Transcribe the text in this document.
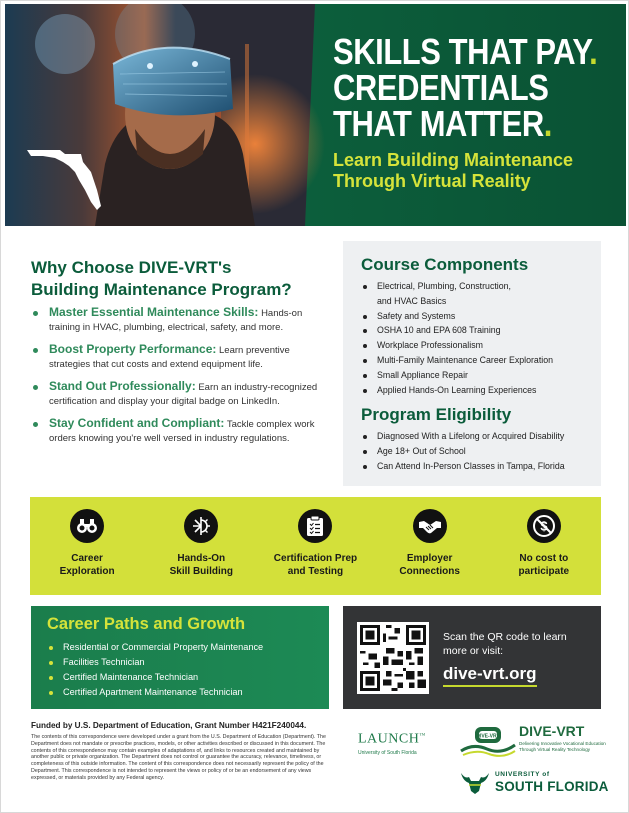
SKILLS THAT PAY.
CREDENTIALS
THAT MATTER.
Learn Building Maintenance
Through Virtual Reality
Why Choose DIVE-VRT's
Building Maintenance Program?
Master Essential Maintenance Skills: Hands-on training in HVAC, plumbing, electrical, safety, and more.
Boost Property Performance: Learn preventive strategies that cut costs and extend equipment life.
Stand Out Professionally: Earn an industry-recognized certification and display your digital badge on LinkedIn.
Stay Confident and Compliant: Tackle complex work orders knowing you're well versed in industry regulations.
Course Components
Electrical, Plumbing, Construction,
and HVAC Basics
Safety and Systems
OSHA 10 and EPA 608 Training
Workplace Professionalism
Multi-Family Maintenance Career Exploration
Small Appliance Repair
Applied Hands-On Learning Experiences
Program Eligibility
Diagnosed With a Lifelong or Acquired Disability
Age 18+ Out of School
Can Attend In-Person Classes in Tampa, Florida
Career
Exploration
Hands-On
Skill Building
Certification Prep
and Testing
Employer
Connections
$
No cost to
participate
Career Paths and Growth
Residential or Commercial Property Maintenance
Facilities Technician
Certified Maintenance Technician
Certified Apartment Maintenance Technician
Scan the QR code to learn more or visit:
dive-vrt.org
Funded by U.S. Department of Education, Grant Number H421F240044.
The contents of this correspondence were developed under a grant from the U.S. Department of Education (Department). The Department does not mandate or prescribe practices, models, or other activities described or discussed in this document. The contents of this correspondence may contain examples of adaptations of, and links to resources created and maintained by another public or private organization. The Department does not control or guarantee the accuracy, relevance, timeliness, or completeness of this outside information. The content of this correspondence does not necessarily represent the policy of the Department. This correspondence is not intended to represent the views or policy of or be an endorsement of any views expressed, or materials provided by any Federal agency.
LAUNCH™
University of South Florida
DIVE-VRT DIVE-VRT
Delivering Innovative Vocational Education Through Virtual Reality Technology
UNIVERSITY of
SOUTH FLORIDA
